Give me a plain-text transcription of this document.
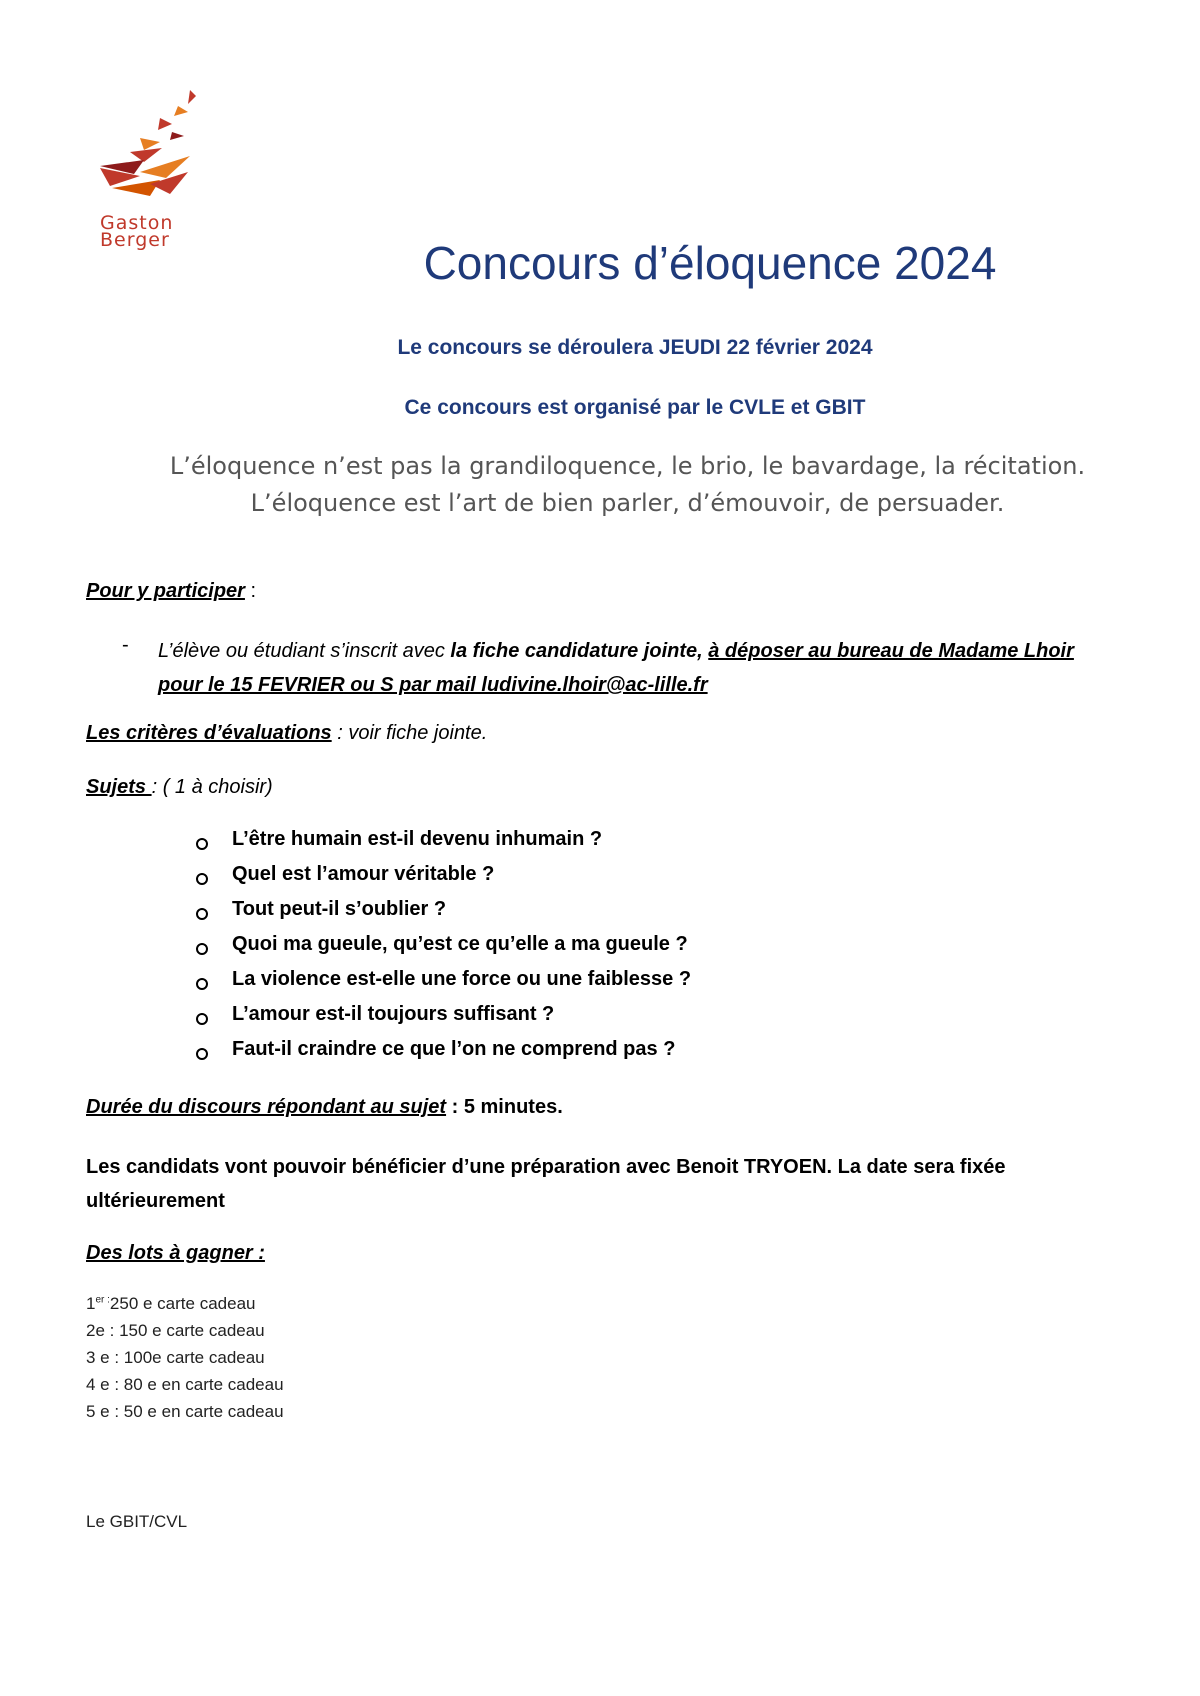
Gaston
Berger	Concours d’éloquence 2024
Le concours se déroulera JEUDI 22 février 2024
Ce concours est organisé par le CVLE et GBIT
L’éloquence n’est pas la grandiloquence, le brio, le bavardage, la récitation.
L’éloquence est l’art de bien parler, d’émouvoir, de persuader.
Pour y participer :
- L’élève ou étudiant s’inscrit avec la fiche candidature jointe, à déposer au bureau de Madame Lhoir
pour le 15 FEVRIER ou S par mail ludivine.lhoir@ac-lille.fr
Les critères d’évaluations : voir fiche jointe.
Sujets : ( 1 à choisir)
L’être humain est-il devenu inhumain ?
Quel est l’amour véritable ?
Tout peut-il s’oublier ?
Quoi ma gueule, qu’est ce qu’elle a ma gueule ?
La violence est-elle une force ou une faiblesse ?
L’amour est-il toujours suffisant ?
Faut-il craindre ce que l’on ne comprend pas ?
Durée du discours répondant au sujet : 5 minutes.
Les candidats vont pouvoir bénéficier d’une préparation avec Benoit TRYOEN. La date sera fixée
ultérieurement
Des lots à gagner :
$1^{er :}250$ e carte cadeau
2e : 150 e carte cadeau
3 e : 100e carte cadeau
4 e : 80 e en carte cadeau
5 e : 50 e en carte cadeau
Le GBIT/CVL
